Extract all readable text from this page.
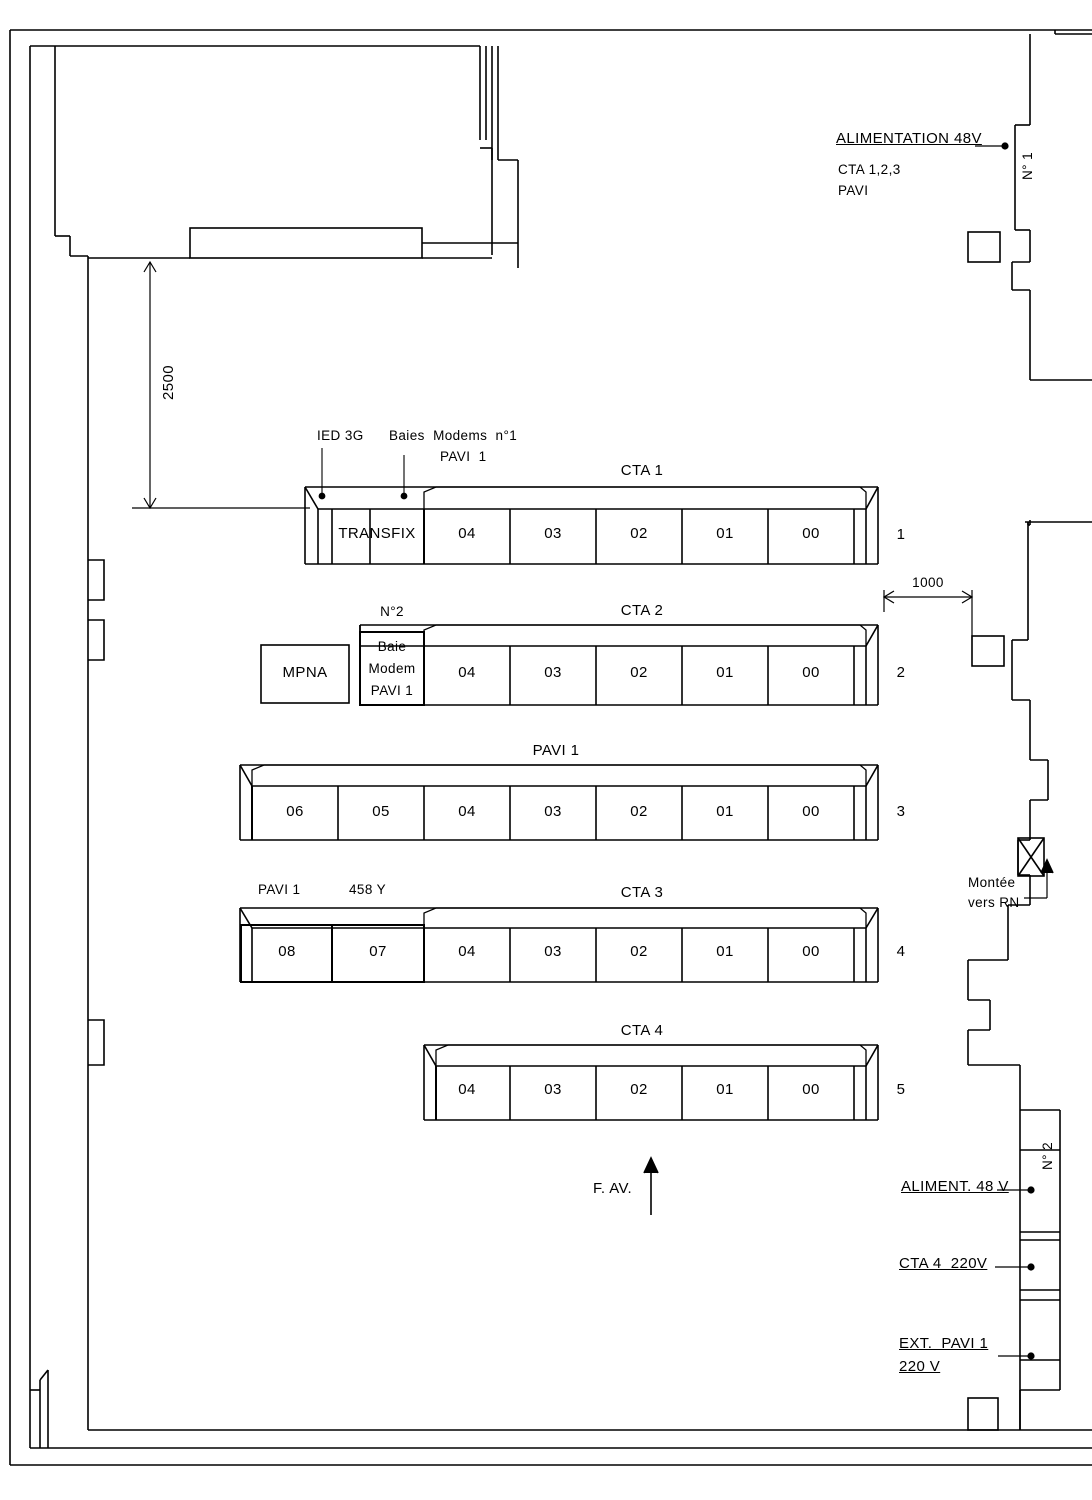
2500
1000
ALIMENTATION 48V
CTA 1,2,3
PAVI
N° 1
N° 2
ALIMENT. 48 V
CTA 4  220V
EXT.  PAVI 1
220 V
Montée
vers RN
F. AV.
IED 3G Baies  Modems  n°1
PAVI  1
N°2
CTA 1
CTA 2
PAVI 1
CTA 3
CTA 4
PAVI 1	458 Y
1
2
3
4
5
MPNA
TRANSFIX
Baie
Modem
PAVI 1
04	03	02	01	00
04	03	02	01	00
06	05	04	03	02	01	00
08	07	04	03	02	01	00
04	03	02	01	00
